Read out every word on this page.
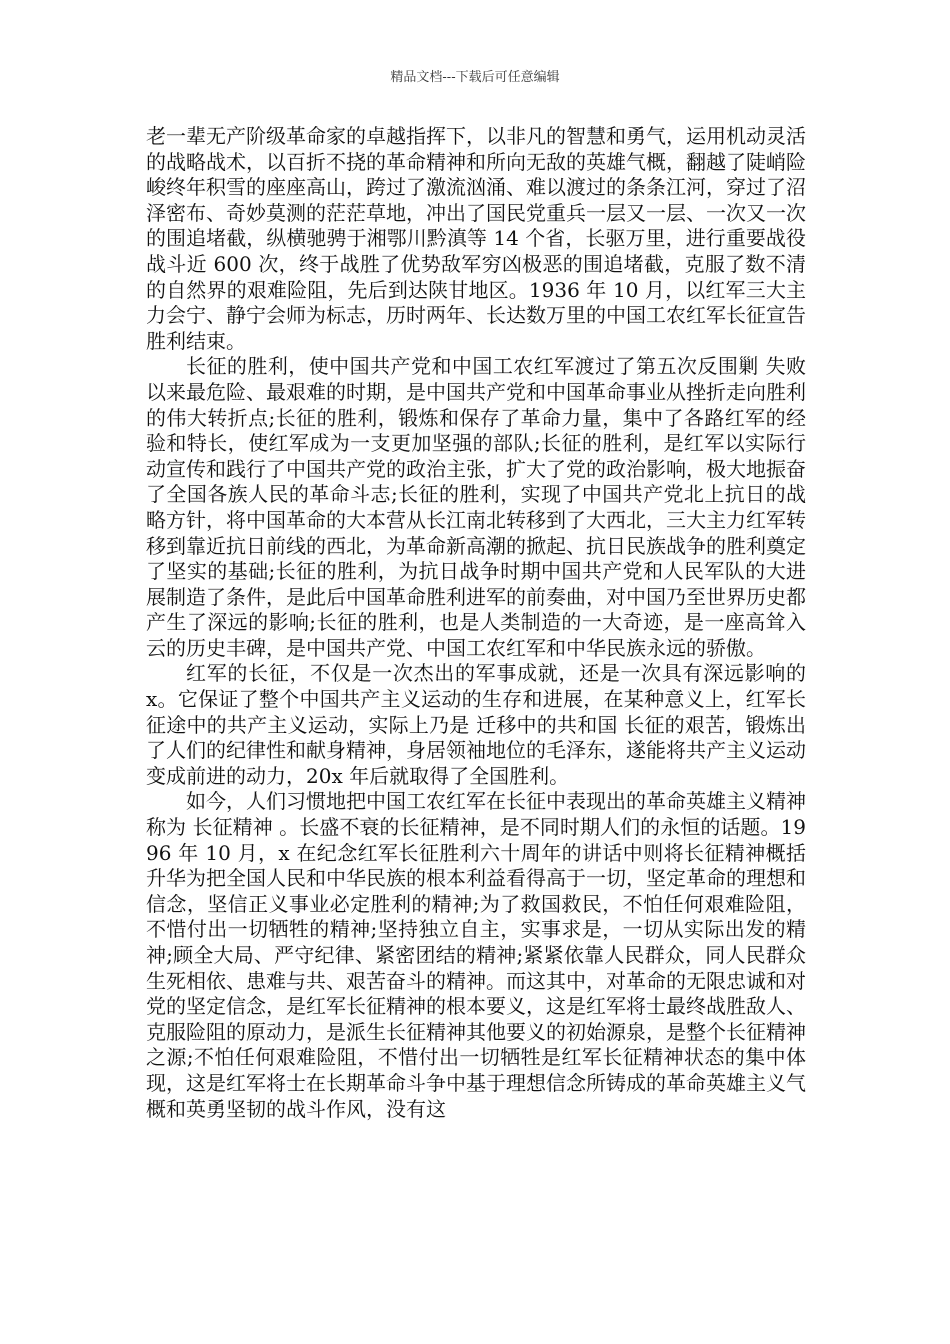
精品文档---下载后可任意编辑

老一辈无产阶级革命家的卓越指挥下，以非凡的智慧和勇气，运用机动灵活的战略战术，以百折不挠的革命精神和所向无敌的英雄气概，翻越了陡峭险峻终年积雪的座座高山，跨过了激流汹涌、难以渡过的条条江河，穿过了沼泽密布、奇妙莫测的茫茫草地，冲出了国民党重兵一层又一层、一次又一次的围追堵截，纵横驰骋于湘鄂川黔滇等 14 个省，长驱万里，进行重要战役战斗近 600 次，终于战胜了优势敌军穷凶极恶的围追堵截，克服了数不清的自然界的艰难险阻，先后到达陕甘地区。1936 年 10 月，以红军三大主力会宁、静宁会师为标志，历时两年、长达数万里的中国工农红军长征宣告胜利结束。

长征的胜利，使中国共产党和中国工农红军渡过了第五次反围剿 失败以来最危险、最艰难的时期，是中国共产党和中国革命事业从挫折走向胜利的伟大转折点;长征的胜利，锻炼和保存了革命力量，集中了各路红军的经验和特长，使红军成为一支更加坚强的部队;长征的胜利，是红军以实际行动宣传和践行了中国共产党的政治主张，扩大了党的政治影响，极大地振奋了全国各族人民的革命斗志;长征的胜利，实现了中国共产党北上抗日的战略方针，将中国革命的大本营从长江南北转移到了大西北，三大主力红军转移到靠近抗日前线的西北，为革命新高潮的掀起、抗日民族战争的胜利奠定了坚实的基础;长征的胜利，为抗日战争时期中国共产党和人民军队的大进展制造了条件，是此后中国革命胜利进军的前奏曲，对中国乃至世界历史都产生了深远的影响;长征的胜利，也是人类制造的一大奇迹，是一座高耸入云的历史丰碑，是中国共产党、中国工农红军和中华民族永远的骄傲。

红军的长征，不仅是一次杰出的军事成就，还是一次具有深远影响的 x。它保证了整个中国共产主义运动的生存和进展，在某种意义上，红军长征途中的共产主义运动，实际上乃是 迁移中的共和国 长征的艰苦，锻炼出了人们的纪律性和献身精神，身居领袖地位的毛泽东，遂能将共产主义运动变成前进的动力，20x 年后就取得了全国胜利。

如今，人们习惯地把中国工农红军在长征中表现出的革命英雄主义精神称为 长征精神 。长盛不衰的长征精神，是不同时期人们的永恒的话题。1996 年 10 月，x 在纪念红军长征胜利六十周年的讲话中则将长征精神概括升华为把全国人民和中华民族的根本利益看得高于一切，坚定革命的理想和信念，坚信正义事业必定胜利的精神;为了救国救民，不怕任何艰难险阻，不惜付出一切牺牲的精神;坚持独立自主，实事求是，一切从实际出发的精神;顾全大局、严守纪律、紧密团结的精神;紧紧依靠人民群众，同人民群众生死相依、患难与共、艰苦奋斗的精神。而这其中，对革命的无限忠诚和对党的坚定信念，是红军长征精神的根本要义，这是红军将士最终战胜敌人、克服险阻的原动力，是派生长征精神其他要义的初始源泉，是整个长征精神之源;不怕任何艰难险阻，不惜付出一切牺牲是红军长征精神状态的集中体现，这是红军将士在长期革命斗争中基于理想信念所铸成的革命英雄主义气概和英勇坚韧的战斗作风，没有这
